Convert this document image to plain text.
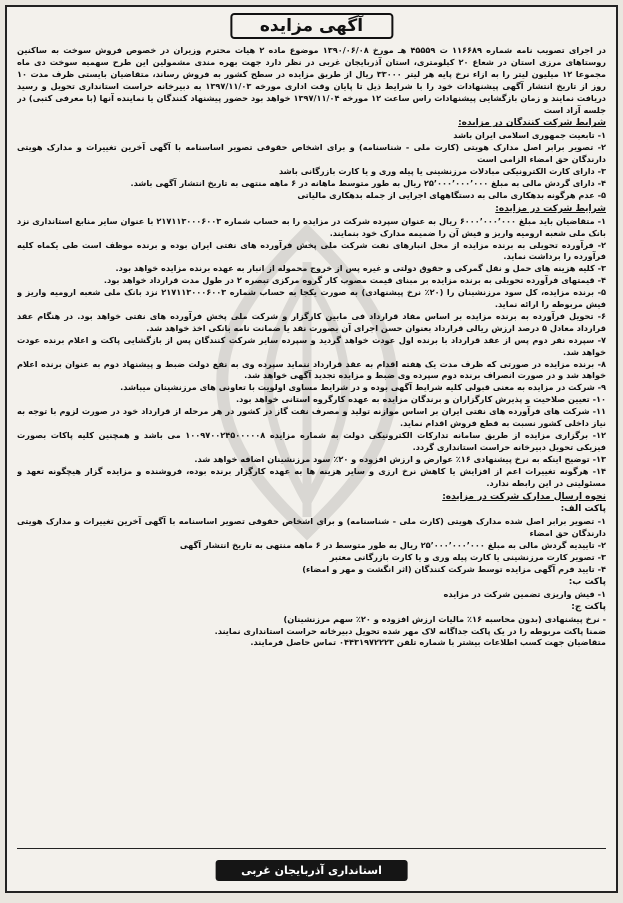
آگهی مزایده

در اجرای تصویب نامه شماره ۱۱۶۶۸۹ ت ۴۵۵۵۹ هـ مورخ ۱۳۹۰/۰۶/۰۸ موضوع ماده ۲ هیات محترم وزیران در خصوص فروش سوخت به ساکنین روستاهای مرزی استان در شعاع ۲۰ کیلومتری، استان آذربایجان غربی در نظر دارد جهت بهره مندی مشمولین این طرح سهمیه سوخت دی ماه مجموعا ۱۲ میلیون لیتر را به ازاء نرخ پایه هر لیتر ۳۳۰۰۰ ریال از طریق مزایده در سطح کشور به فروش رساند، متقاضیان بایستی ظرف مدت ۱۰ روز از تاریخ انتشار آگهی پیشنهادات خود را با شرایط ذیل تا پایان وقت اداری مورخه ۱۳۹۷/۱۱/۰۳ به دبیرخانه حراست استانداری تحویل و رسید دریافت نمایند و زمان بازگشایی پیشنهادات راس ساعت ۱۲ مورخه ۱۳۹۷/۱۱/۰۴ خواهد بود حضور پیشنهاد کنندگان یا نماینده آنها (با معرفی کتبی) در جلسه آزاد است

شرایط شرکت کنندگان در مزایده:

۱- تابعیت جمهوری اسلامی ایران باشد

۲- تصویر برابر اصل مدارک هویتی (کارت ملی - شناسنامه) و برای اشخاص حقوقی تصویر اساسنامه با آگهی آخرین تغییرات و مدارک هویتی دارندگان حق امضاء الزامی است

۳- دارای کارت الکترونیکی مبادلات مرزنشینی یا پیله وری و یا کارت بازرگانی باشد

۴- دارای گردش مالی به مبلغ ۲۵٬۰۰۰٬۰۰۰٬۰۰۰ ریال به طور متوسط ماهانه در ۶ ماهه منتهی به تاریخ انتشار آگهی باشد.

۵- عدم هرگونه بدهکاری مالی به دستگاههای اجرایی از جمله بدهکاری مالیاتی

شرایط شرکت در مزایده:

۱- متقاضیان باید مبلغ ۶۰۰۰٬۰۰۰٬۰۰۰ ریال به عنوان سپرده شرکت در مزایده را به حساب شماره ۲۱۷۱۱۳۰۰۰۶۰۰۳ با عنوان سایر منابع استانداری نزد بانک ملی شعبه ارومیه واریز و فیش آن را ضمیمه مدارک خود بنمایند.

۲- فرآورده تحویلی به برنده مزایده از محل انبارهای نفت شرکت ملی پخش فرآورده های نفتی ایران بوده و برنده موظف است طی یکماه کلیه فرآورده را برداشت نماید.

۳- کلیه هزینه های حمل و نقل گمرکی و حقوق دولتی و غیره پس از خروج محموله از انبار به عهده برنده مزایده خواهد بود.

۴- قیمتهای فرآورده تحویلی به برنده مزایده بر مبنای قیمت مصوب کار گروه مرکزی تبصره ۲ در طول مدت قرارداد خواهد بود.

۵- برنده مزایده، کل سود مرزنشینان را (۲۰٪ نرخ پیشنهادی) به صورت یکجا به حساب شماره ۲۱۷۱۱۳۰۰۰۶۰۰۳ نزد بانک ملی شعبه ارومیه واریز و فیش مربوطه را ارائه نماید.

۶- تحویل فرآورده به برنده مزایده بر اساس مفاد قرارداد فی مابین کارگزار و شرکت ملی پخش فرآورده های نفتی خواهد بود. در هنگام عقد قرارداد معادل ۵ درصد ارزش ریالی قرارداد بعنوان حسن اجرای آن بصورت نقد یا ضمانت نامه بانکی اخذ خواهد شد.

۷- سپرده نفر دوم پس از عقد قرارداد با برنده اول عودت خواهد گردید و سپرده سایر شرکت کنندگان پس از بازگشایی پاکت و اعلام برنده عودت خواهد شد.

۸- برنده مزایده در صورتی که ظرف مدت یک هفته اقدام به عقد قرارداد ننماید سپرده وی به نفع دولت ضبط و پیشنهاد دوم به عنوان برنده اعلام خواهد شد و در صورت انصراف برنده دوم سپرده وی ضبط و مزایده تجدید آگهی خواهد شد.

۹- شرکت در مزایده به معنی قبولی کلیه شرایط آگهی بوده و در شرایط مساوی اولویت با تعاونی های مرزنشینان میباشد.

۱۰- تعیین صلاحیت و پذیرش کارگزاران و برندگان مزایده به عهده کارگروه استانی خواهد بود.

۱۱- شرکت های فرآورده های نفتی ایران بر اساس موازنه تولید و مصرف نفت گاز در کشور در هر مرحله از قرارداد خود در صورت لزوم با توجه به نیاز داخلی کشور نسبت به قطع فروش اقدام نماید.

۱۲- برگزاری مزایده از طریق سامانه تدارکات الکترونیکی دولت به شماره مزایده ۱۰۰۹۷۰۰۲۴۵۰۰۰۰۰۸ می باشد و همچنین کلیه پاکات بصورت فیزیکی تحویل دبیرخانه حراست استانداری گردد.

۱۳- توضیح اینکه به نرخ پیشنهادی ۱۶٪ عوارض و ارزش افزوده و ۲۰٪ سود مرزنشینان اضافه خواهد شد.

۱۴- هرگونه تغییرات اعم از افزایش یا کاهش نرخ ارزی و سایر هزینه ها به عهده کارگزار برنده بوده، فروشنده و مزایده گزار هیچگونه تعهد و مسئولیتی در این رابطه ندارد.

نحوه ارسال مدارک شرکت در مزایده:
پاکت الف:

۱- تصویر برابر اصل شده مدارک هویتی (کارت ملی - شناسنامه) و برای اشخاص حقوقی تصویر اساسنامه با آگهی آخرین تغییرات و مدارک هویتی دارندگان حق امضاء

۲- تاییدیه گردش مالی به مبلغ ۲۵٬۰۰۰٬۰۰۰٬۰۰۰ ریال به طور متوسط در ۶ ماهه منتهی به تاریخ انتشار آگهی

۳- تصویر کارت مرزنشینی یا کارت پیله وری و یا کارت بازرگانی معتبر

۴- تایید فرم آگهی مزایده توسط شرکت کنندگان (اثر انگشت و مهر و امضاء)

پاکت ب:

۱- فیش واریزی تضمین شرکت در مزایده

پاکت ج:

- نرخ پیشنهادی (بدون محاسبه ۱۶٪ مالیات ارزش افزوده و ۲۰٪ سهم مرزنشینان)

ضمنا پاکت مربوطه را در یک پاکت جداگانه لاک مهر شده تحویل دبیرخانه حراست استانداری نمایند.

متقاضیان جهت کسب اطلاعات بیشتر با شماره تلفن ۰۴۴۳۱۹۷۲۲۲۳ تماس حاصل فرمایند.

استانداری آذربایجان غربی
